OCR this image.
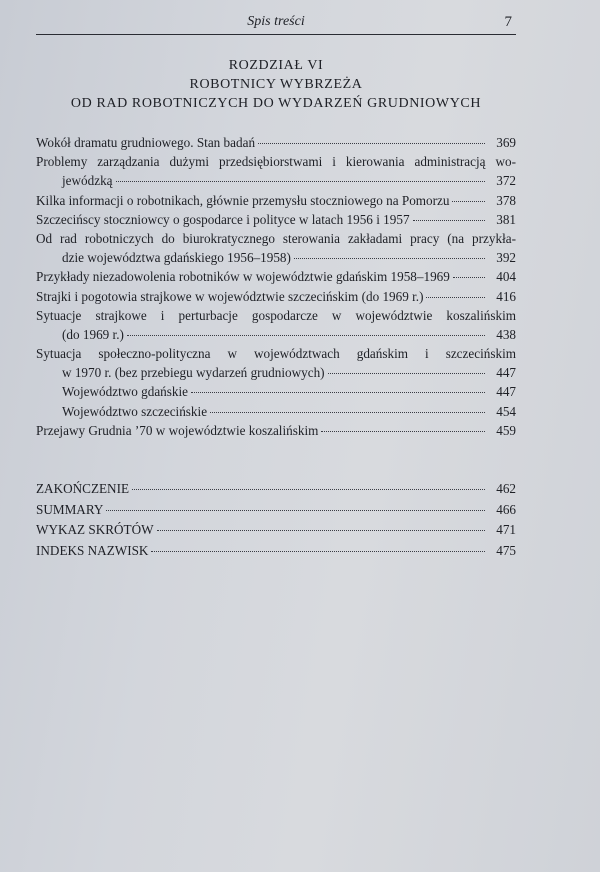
Spis treści	7
ROZDZIAŁ VI
ROBOTNICY WYBRZEŻA
OD RAD ROBOTNICZYCH DO WYDARZEŃ GRUDNIOWYCH
Wokół dramatu grudniowego. Stan badań	369
Problemy zarządzania dużymi przedsiębiorstwami i kierowania administracją wo-
jewódzką	372
Kilka informacji o robotnikach, głównie przemysłu stoczniowego na Pomorzu	378
Szczecińscy stoczniowcy o gospodarce i polityce w latach 1956 i 1957	381
Od rad robotniczych do biurokratycznego sterowania zakładami pracy (na przykła-
dzie województwa gdańskiego 1956–1958)	392
Przykłady niezadowolenia robotników w województwie gdańskim 1958–1969	404
Strajki i pogotowia strajkowe w województwie szczecińskim (do 1969 r.)	416
Sytuacje strajkowe i perturbacje gospodarcze w województwie koszalińskim
(do 1969 r.)	438
Sytuacja społeczno-polityczna w województwach gdańskim i szczecińskim
w 1970 r. (bez przebiegu wydarzeń grudniowych)	447
Województwo gdańskie	447
Województwo szczecińskie	454
Przejawy Grudnia ’70 w województwie koszalińskim	459
ZAKOŃCZENIE	462
SUMMARY	466
WYKAZ SKRÓTÓW	471
INDEKS NAZWISK	475
